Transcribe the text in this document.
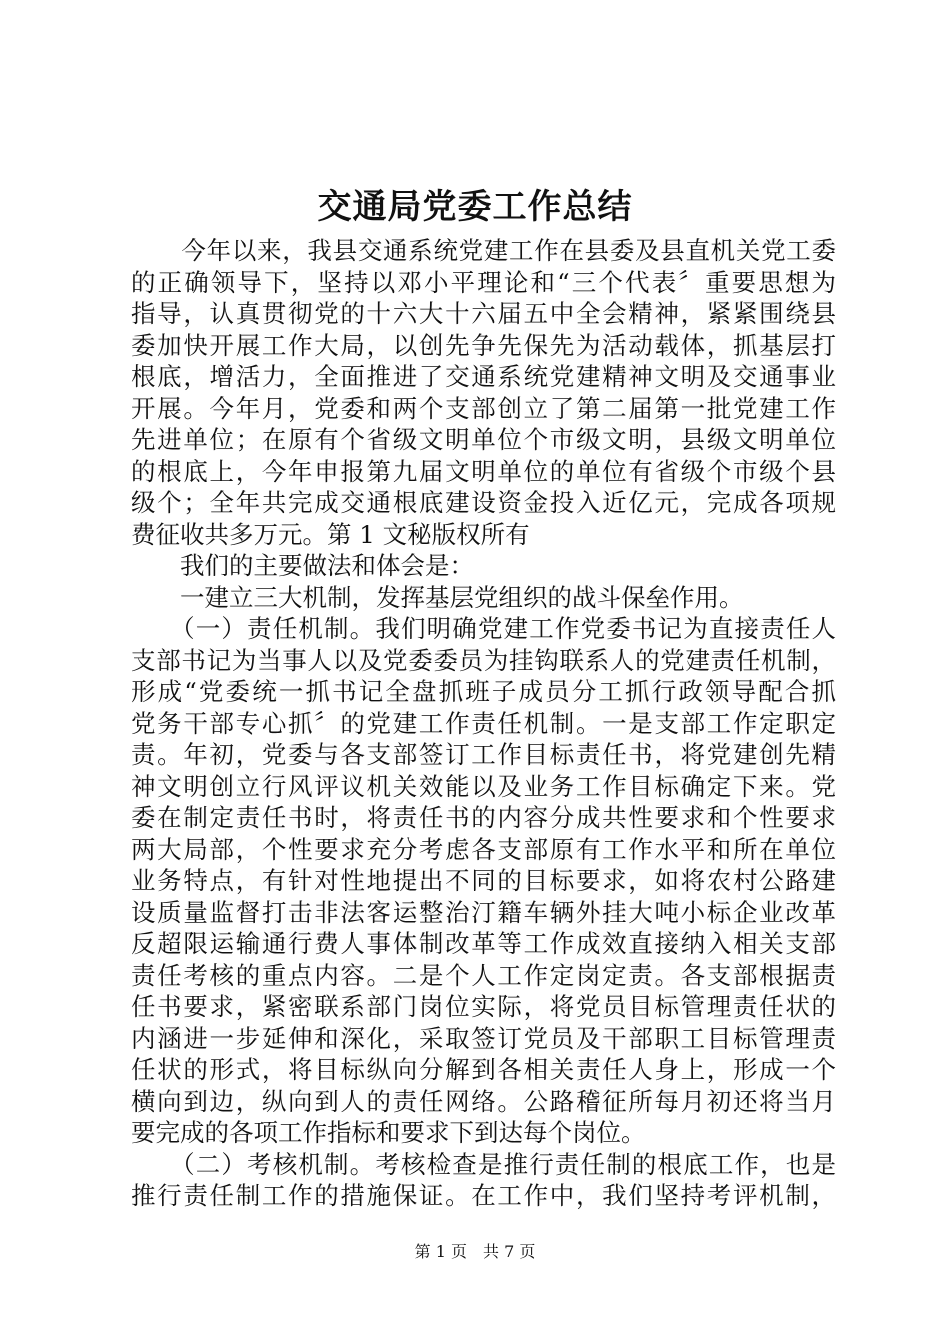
交通局党委工作总结
　　今年以来，我县交通系统党建工作在县委及县直机关党工委
的正确领导下，坚持以邓小平理论和“三个代表〞重要思想为
指导，认真贯彻党的十六大十六届五中全会精神，紧紧围绕县
委加快开展工作大局，以创先争先保先为活动载体，抓基层打
根底，增活力，全面推进了交通系统党建精神文明及交通事业
开展。今年月，党委和两个支部创立了第二届第一批党建工作
先进单位；在原有个省级文明单位个市级文明，县级文明单位
的根底上，今年申报第九届文明单位的单位有省级个市级个县
级个；全年共完成交通根底建设资金投入近亿元，完成各项规
费征收共多万元。第 1 文秘版权所有
　　我们的主要做法和体会是：
　　一建立三大机制，发挥基层党组织的战斗保垒作用。
　　（一）责任机制。我们明确党建工作党委书记为直接责任人
支部书记为当事人以及党委委员为挂钩联系人的党建责任机制，
形成“党委统一抓书记全盘抓班子成员分工抓行政领导配合抓
党务干部专心抓〞的党建工作责任机制。一是支部工作定职定
责。年初，党委与各支部签订工作目标责任书，将党建创先精
神文明创立行风评议机关效能以及业务工作目标确定下来。党
委在制定责任书时，将责任书的内容分成共性要求和个性要求
两大局部，个性要求充分考虑各支部原有工作水平和所在单位
业务特点，有针对性地提出不同的目标要求，如将农村公路建
设质量监督打击非法客运整治汀籍车辆外挂大吨小标企业改革
反超限运输通行费人事体制改革等工作成效直接纳入相关支部
责任考核的重点内容。二是个人工作定岗定责。各支部根据责
任书要求，紧密联系部门岗位实际，将党员目标管理责任状的
内涵进一步延伸和深化，采取签订党员及干部职工目标管理责
任状的形式，将目标纵向分解到各相关责任人身上，形成一个
横向到边，纵向到人的责任网络。公路稽征所每月初还将当月
要完成的各项工作指标和要求下到达每个岗位。
　　（二）考核机制。考核检查是推行责任制的根底工作，也是
推行责任制工作的措施保证。在工作中，我们坚持考评机制，
第 1 页　共 7 页
